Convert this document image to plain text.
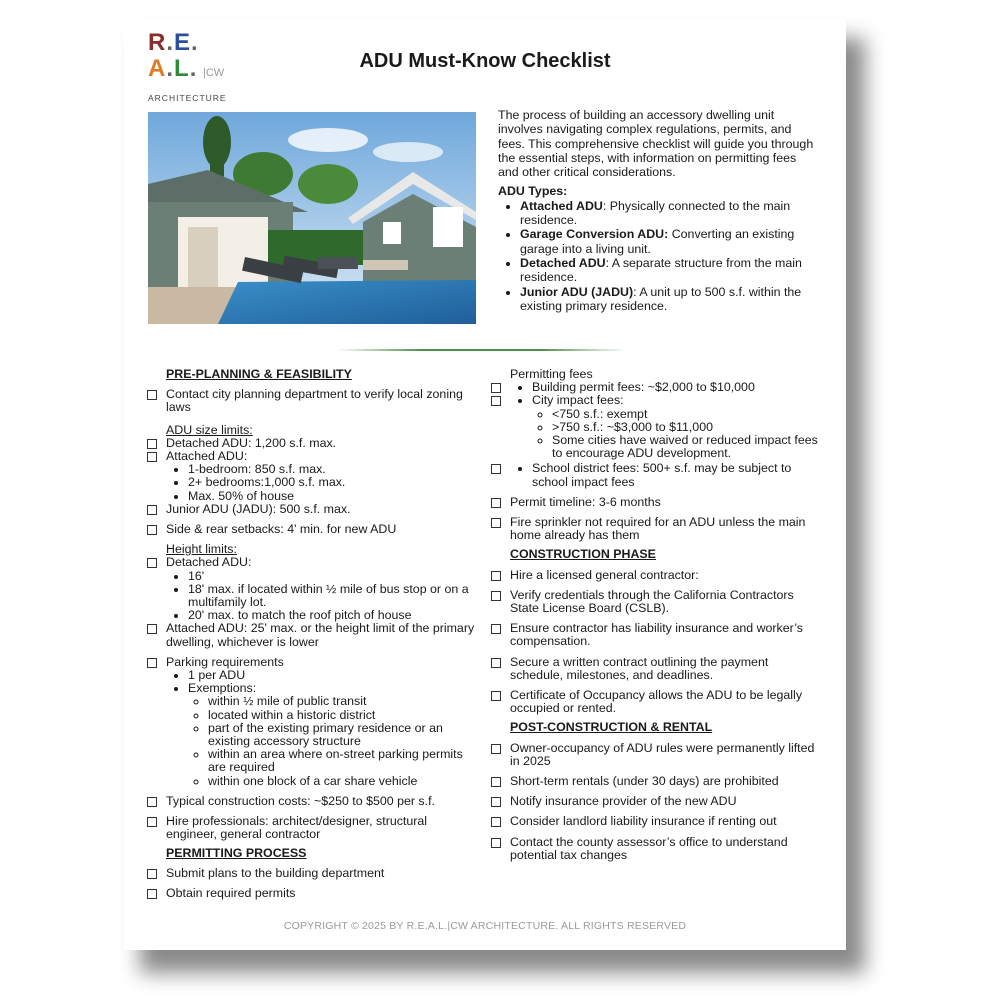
R.E.
A.L. |CW
ARCHITECTURE
ADU Must-Know Checklist

The process of building an accessory dwelling unit involves navigating complex regulations, permits, and fees. This comprehensive checklist will guide you through the essential steps, with information on permitting fees and other critical considerations.

ADU Types:
• Attached ADU: Physically connected to the main residence.
• Garage Conversion ADU: Converting an existing garage into a living unit.
• Detached ADU: A separate structure from the main residence.
• Junior ADU (JADU): A unit up to 500 s.f. within the existing primary residence.
PRE-PLANNING & FEASIBILITY
Contact city planning department to verify local zoning laws
ADU size limits:
Detached ADU: 1,200 s.f. max.
Attached ADU:
• 1-bedroom: 850 s.f. max.
• 2+ bedrooms:1,000 s.f. max.
• Max. 50% of house
Junior ADU (JADU): 500 s.f. max.
Side & rear setbacks: 4' min. for new ADU
Height limits:
Detached ADU:
• 16'
• 18' max. if located within ½ mile of bus stop or on a multifamily lot.
• 20' max. to match the roof pitch of house
Attached ADU: 25' max. or the height limit of the primary dwelling, whichever is lower
Parking requirements
• 1 per ADU
• Exemptions:
◦ within ½ mile of public transit
◦ located within a historic district
◦ part of the existing primary residence or an existing accessory structure
◦ within an area where on-street parking permits are required
◦ within one block of a car share vehicle
Typical construction costs: ~$250 to $500 per s.f.
Hire professionals: architect/designer, structural engineer, general contractor
PERMITTING PROCESS
Submit plans to the building department
Obtain required permits
Permitting fees
• Building permit fees: ~$2,000 to $10,000
• City impact fees:
◦ <750 s.f.: exempt
◦ >750 s.f.: ~$3,000 to $11,000
◦ Some cities have waived or reduced impact fees to encourage ADU development.
• School district fees: 500+ s.f. may be subject to school impact fees
Permit timeline: 3-6 months
Fire sprinkler not required for an ADU unless the main home already has them
CONSTRUCTION PHASE
Hire a licensed general contractor:
Verify credentials through the California Contractors State License Board (CSLB).
Ensure contractor has liability insurance and worker’s compensation.
Secure a written contract outlining the payment schedule, milestones, and deadlines.
Certificate of Occupancy allows the ADU to be legally occupied or rented.
POST-CONSTRUCTION & RENTAL
Owner-occupancy of ADU rules were permanently lifted in 2025
Short-term rentals (under 30 days) are prohibited
Notify insurance provider of the new ADU
Consider landlord liability insurance if renting out
Contact the county assessor’s office to understand potential tax changes
COPYRIGHT © 2025 BY R.E.A.L.|CW ARCHITECTURE. ALL RIGHTS RESERVED
